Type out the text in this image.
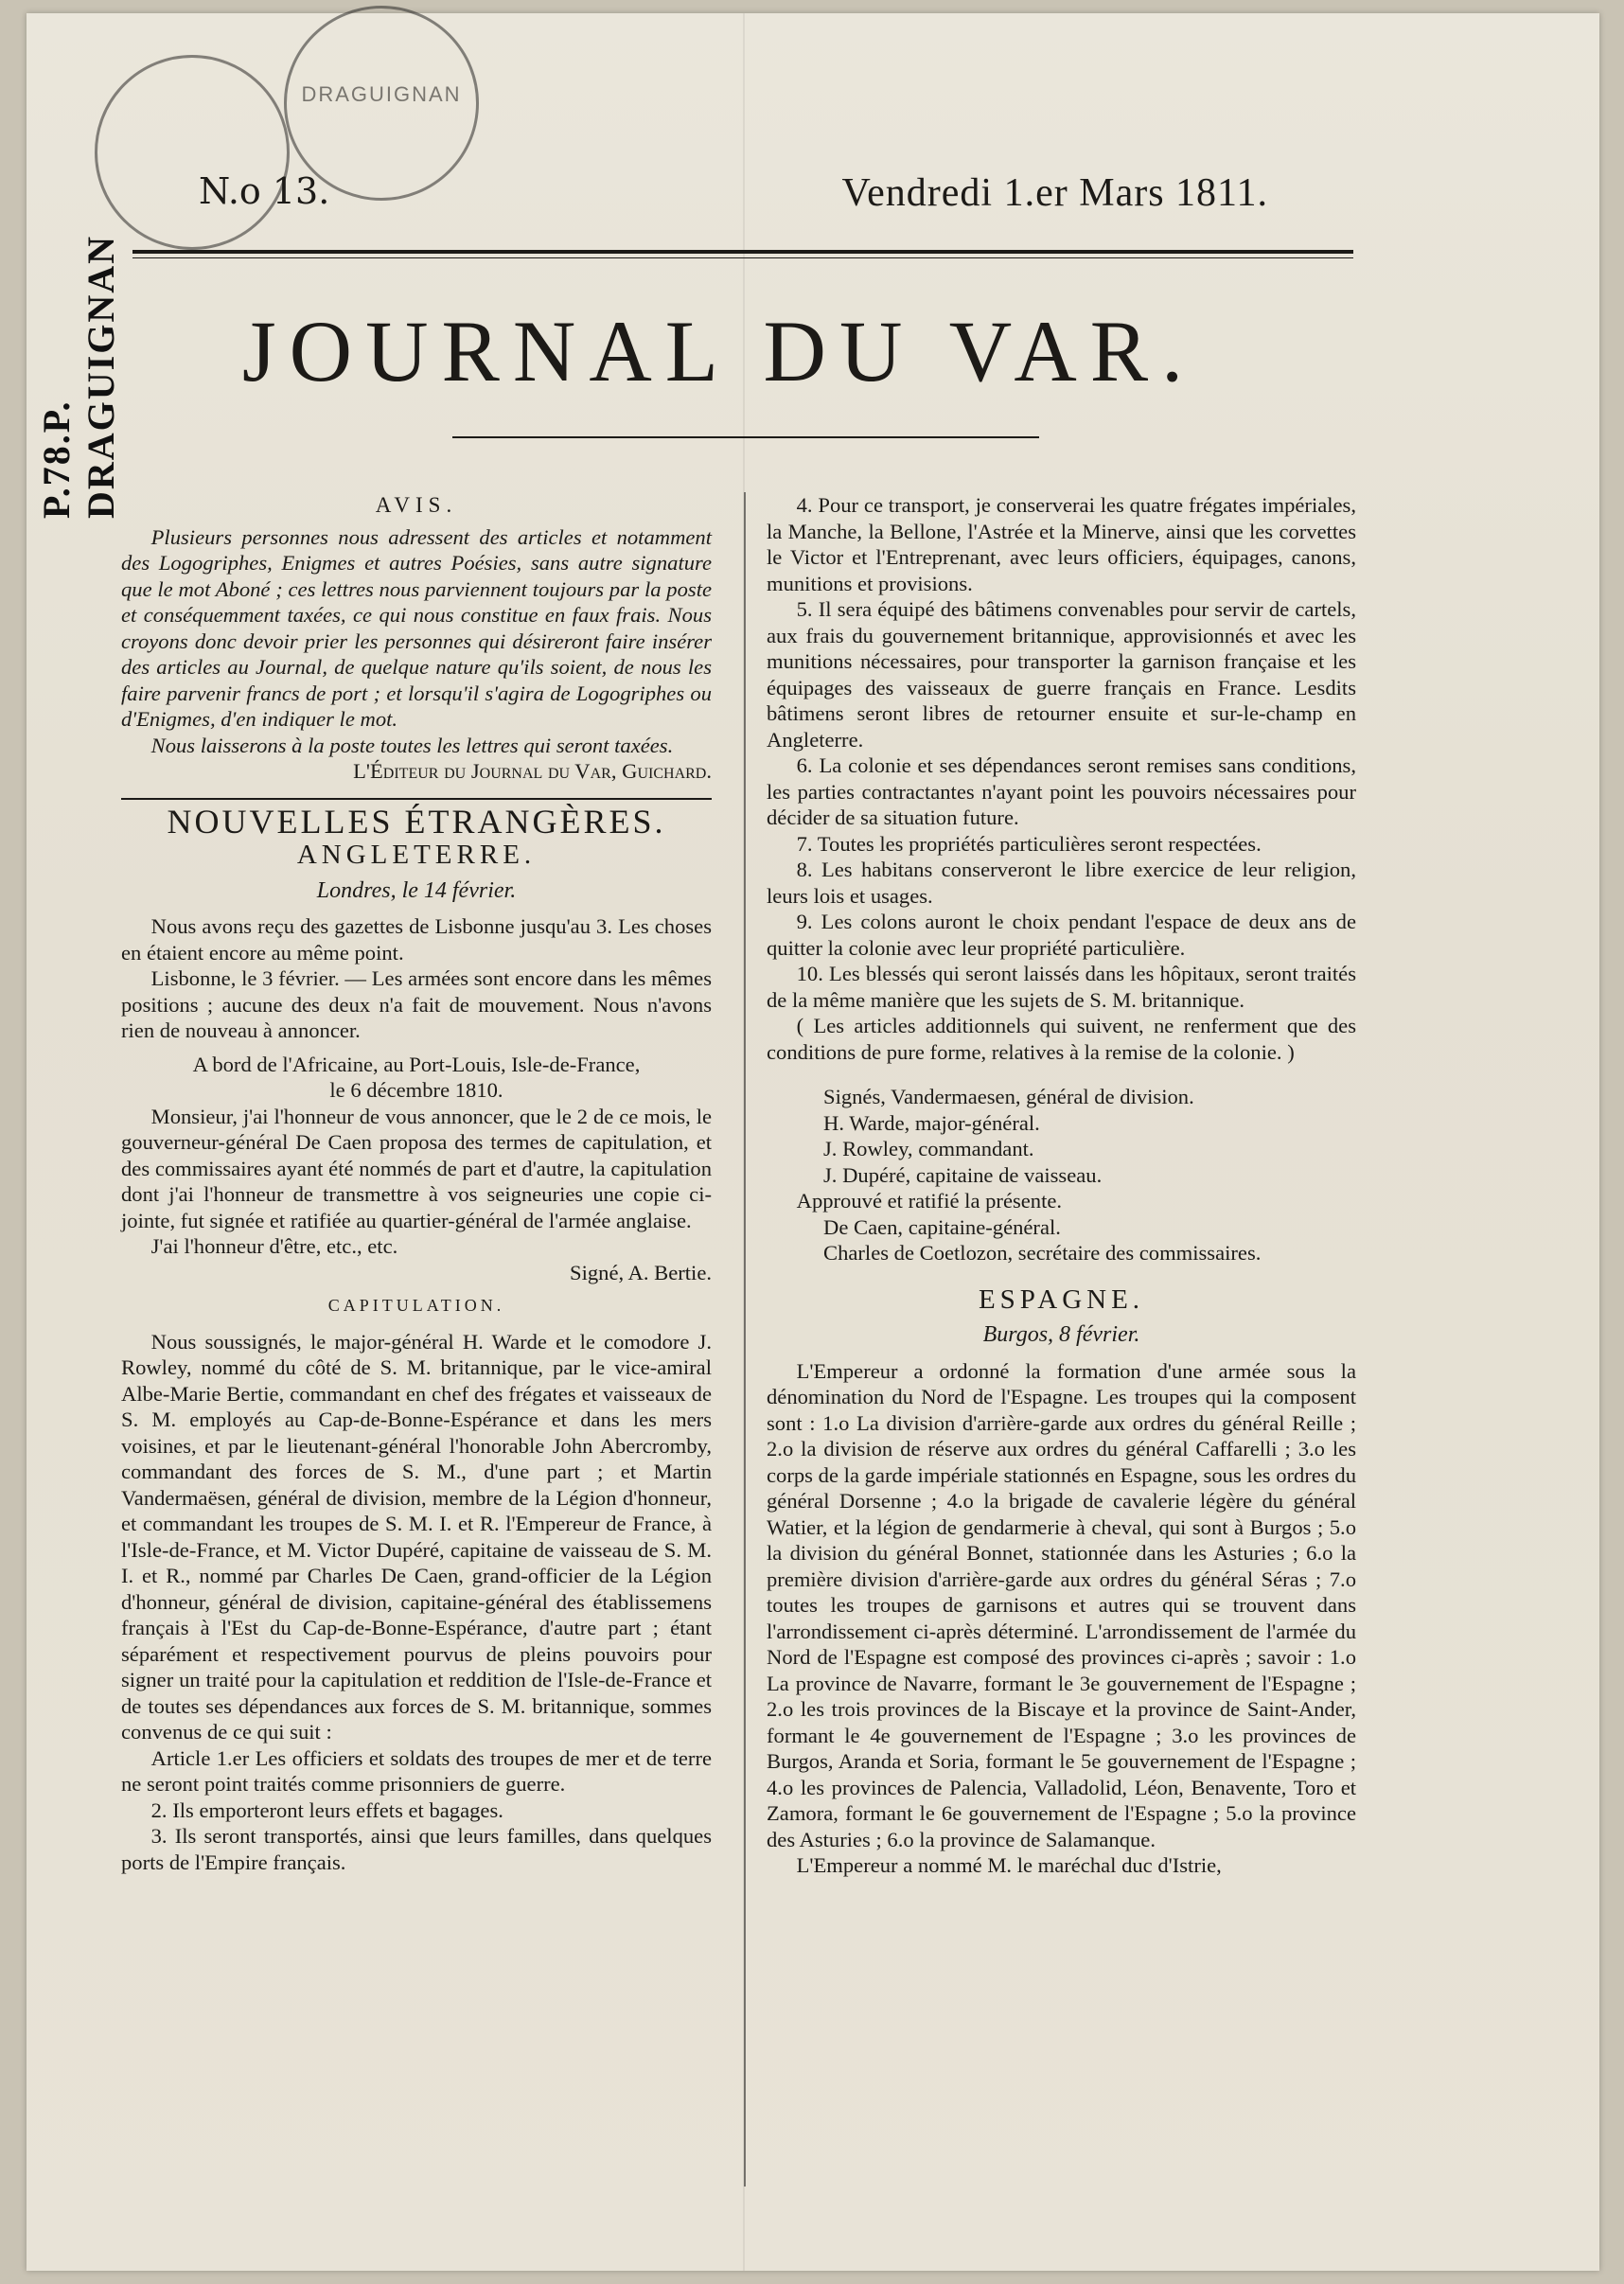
DRAGUIGNAN
P.78.P. DRAGUIGNAN
N.o 13.	Vendredi 1.er Mars 1811.
JOURNAL DU VAR.
AVIS.

Plusieurs personnes nous adressent des articles et notamment des Logogriphes, Enigmes et autres Poésies, sans autre signature que le mot Aboné ; ces lettres nous parviennent toujours par la poste et conséquemment taxées, ce qui nous constitue en faux frais. Nous croyons donc devoir prier les personnes qui désireront faire insérer des articles au Journal, de quelque nature qu'ils soient, de nous les faire parvenir francs de port ; et lorsqu'il s'agira de Logogriphes ou d'Enigmes, d'en indiquer le mot.

Nous laisserons à la poste toutes les lettres qui seront taxées.

L'Éditeur du Journal du Var, Guichard.

NOUVELLES ÉTRANGÈRES.
ANGLETERRE.
Londres, le 14 février.

Nous avons reçu des gazettes de Lisbonne jusqu'au 3. Les choses en étaient encore au même point.

Lisbonne, le 3 février. — Les armées sont encore dans les mêmes positions ; aucune des deux n'a fait de mouvement. Nous n'avons rien de nouveau à annoncer.

A bord de l'Africaine, au Port-Louis, Isle-de-France,

le 6 décembre 1810.

Monsieur, j'ai l'honneur de vous annoncer, que le 2 de ce mois, le gouverneur-général De Caen proposa des termes de capitulation, et des commissaires ayant été nommés de part et d'autre, la capitulation dont j'ai l'honneur de transmettre à vos seigneuries une copie ci-jointe, fut signée et ratifiée au quartier-général de l'armée anglaise.

J'ai l'honneur d'être, etc., etc.

Signé, A. Bertie.

CAPITULATION.

Nous soussignés, le major-général H. Warde et le comodore J. Rowley, nommé du côté de S. M. britannique, par le vice-amiral Albe-Marie Bertie, commandant en chef des frégates et vaisseaux de S. M. employés au Cap-de-Bonne-Espérance et dans les mers voisines, et par le lieutenant-général l'honorable John Abercromby, commandant des forces de S. M., d'une part ; et Martin Vandermaësen, général de division, membre de la Légion d'honneur, et commandant les troupes de S. M. I. et R. l'Empereur de France, à l'Isle-de-France, et M. Victor Dupéré, capitaine de vaisseau de S. M. I. et R., nommé par Charles De Caen, grand-officier de la Légion d'honneur, général de division, capitaine-général des établissemens français à l'Est du Cap-de-Bonne-Espérance, d'autre part ; étant séparément et respectivement pourvus de pleins pouvoirs pour signer un traité pour la capitulation et reddition de l'Isle-de-France et de toutes ses dépendances aux forces de S. M. britannique, sommes convenus de ce qui suit :

Article 1.er Les officiers et soldats des troupes de mer et de terre ne seront point traités comme prisonniers de guerre.

2. Ils emporteront leurs effets et bagages.

3. Ils seront transportés, ainsi que leurs familles, dans quelques ports de l'Empire français.

4. Pour ce transport, je conserverai les quatre frégates impériales, la Manche, la Bellone, l'Astrée et la Minerve, ainsi que les corvettes le Victor et l'Entreprenant, avec leurs officiers, équipages, canons, munitions et provisions.

5. Il sera équipé des bâtimens convenables pour servir de cartels, aux frais du gouvernement britannique, approvisionnés et avec les munitions nécessaires, pour transporter la garnison française et les équipages des vaisseaux de guerre français en France. Lesdits bâtimens seront libres de retourner ensuite et sur-le-champ en Angleterre.

6. La colonie et ses dépendances seront remises sans conditions, les parties contractantes n'ayant point les pouvoirs nécessaires pour décider de sa situation future.

7. Toutes les propriétés particulières seront respectées.

8. Les habitans conserveront le libre exercice de leur religion, leurs lois et usages.

9. Les colons auront le choix pendant l'espace de deux ans de quitter la colonie avec leur propriété particulière.

10. Les blessés qui seront laissés dans les hôpitaux, seront traités de la même manière que les sujets de S. M. britannique.

( Les articles additionnels qui suivent, ne renferment que des conditions de pure forme, relatives à la remise de la colonie. )

Signés, Vandermaesen, général de division.
H. Warde, major-général.
J. Rowley, commandant.
J. Dupéré, capitaine de vaisseau.

Approuvé et ratifié la présente.

De Caen, capitaine-général.
Charles de Coetlozon, secrétaire des commissaires.
ESPAGNE.
Burgos, 8 février.

L'Empereur a ordonné la formation d'une armée sous la dénomination du Nord de l'Espagne. Les troupes qui la composent sont : 1.o La division d'arrière-garde aux ordres du général Reille ; 2.o la division de réserve aux ordres du général Caffarelli ; 3.o les corps de la garde impériale stationnés en Espagne, sous les ordres du général Dorsenne ; 4.o la brigade de cavalerie légère du général Watier, et la légion de gendarmerie à cheval, qui sont à Burgos ; 5.o la division du général Bonnet, stationnée dans les Asturies ; 6.o la première division d'arrière-garde aux ordres du général Séras ; 7.o toutes les troupes de garnisons et autres qui se trouvent dans l'arrondissement ci-après déterminé. L'arrondissement de l'armée du Nord de l'Espagne est composé des provinces ci-après ; savoir : 1.o La province de Navarre, formant le 3e gouvernement de l'Espagne ; 2.o les trois provinces de la Biscaye et la province de Saint-Ander, formant le 4e gouvernement de l'Espagne ; 3.o les provinces de Burgos, Aranda et Soria, formant le 5e gouvernement de l'Espagne ; 4.o les provinces de Palencia, Valladolid, Léon, Benavente, Toro et Zamora, formant le 6e gouvernement de l'Espagne ; 5.o la province des Asturies ; 6.o la province de Salamanque.

L'Empereur a nommé M. le maréchal duc d'Istrie,
